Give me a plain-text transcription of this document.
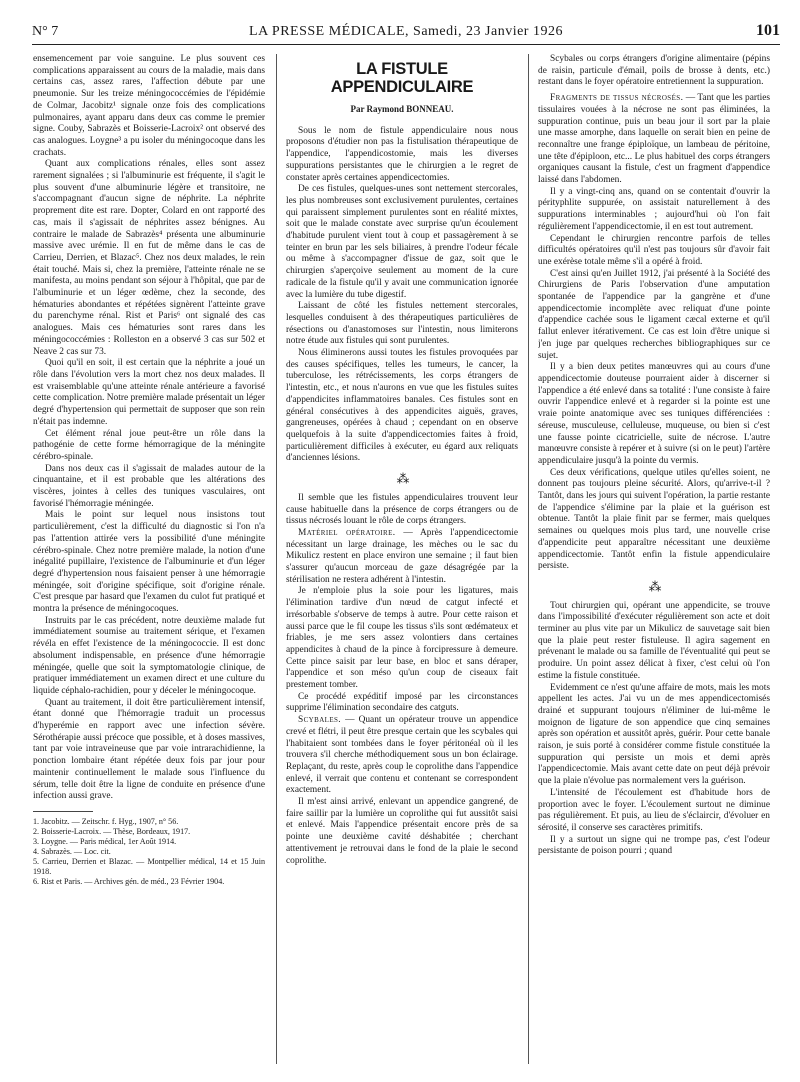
N° 7	LA PRESSE MÉDICALE, Samedi, 23 Janvier 1926	101

ensemencement par voie sanguine. Le plus souvent ces complications apparaissent au cours de la maladie, mais dans certains cas, assez rares, l'affection débute par une pneumonie. Sur les treize méningococcémies de l'épidémie de Colmar, Jacobitz¹ signale onze fois des complications pulmonaires, ayant apparu dans deux cas comme le premier signe. Couby, Sabrazès et Boisserie-Lacroix² ont observé des cas analogues. Loygne³ a pu isoler du méningocoque dans les crachats.

Quant aux complications rénales, elles sont assez rarement signalées ; si l'albuminurie est fréquente, il s'agit le plus souvent d'une albuminurie légère et transitoire, ne s'accompagnant d'aucun signe de néphrite. La néphrite proprement dite est rare. Dopter, Colard en ont rapporté des cas, mais il s'agissait de néphrites assez bénignes. Au contraire le malade de Sabrazès⁴ présenta une albuminurie massive avec urémie. Il en fut de même dans le cas de Carrieu, Derrien, et Blazac⁵. Chez nos deux malades, le rein était touché. Mais si, chez la première, l'atteinte rénale ne se manifesta, au moins pendant son séjour à l'hôpital, que par de l'albuminurie et un léger œdème, chez la seconde, des hématuries abondantes et répétées signèrent l'atteinte grave du parenchyme rénal. Rist et Paris⁶ ont signalé des cas analogues. Mais ces hématuries sont rares dans les méningococcémies : Rolleston en a observé 3 cas sur 502 et Neave 2 cas sur 73.

Quoi qu'il en soit, il est certain que la néphrite a joué un rôle dans l'évolution vers la mort chez nos deux malades. Il est vraisemblable qu'une atteinte rénale antérieure a favorisé cette complication. Notre première malade présentait un léger degré d'hypertension qui permettait de supposer que son rein n'était pas indemne.

Cet élément rénal joue peut-être un rôle dans la pathogénie de cette forme hémorragique de la méningite cérébro-spinale.

Dans nos deux cas il s'agissait de malades autour de la cinquantaine, et il est probable que les altérations des viscères, jointes à celles des tuniques vasculaires, ont favorisé l'hémorragie méningée.

Mais le point sur lequel nous insistons tout particulièrement, c'est la difficulté du diagnostic si l'on n'a pas l'attention attirée vers la possibilité d'une méningite cérébro-spinale. Chez notre première malade, la notion d'une inégalité pupillaire, l'existence de l'albuminurie et d'un léger degré d'hypertension nous faisaient penser à une hémorragie méningée, soit d'origine spécifique, soit d'origine rénale. C'est presque par hasard que l'examen du culot fut pratiqué et montra la présence de méningocoques.

Instruits par le cas précédent, notre deuxième malade fut immédiatement soumise au traitement sérique, et l'examen révéla en effet l'existence de la méningococcie. Il est donc absolument indispensable, en présence d'une hémorragie méningée, quelle que soit la symptomatologie clinique, de pratiquer immédiatement un examen direct et une culture du liquide céphalo-rachidien, pour y déceler le méningocoque.

Quant au traitement, il doit être particulièrement intensif, étant donné que l'hémorragie traduit un processus d'hyperémie en rapport avec une infection sévère. Sérothérapie aussi précoce que possible, et à doses massives, tant par voie intraveineuse que par voie intrarachidienne, la ponction lombaire étant répétée deux fois par jour pour maintenir continuellement le malade sous l'influence du sérum, telle doit être la ligne de conduite en présence d'une infection aussi grave.

1. Jacobitz. — Zeitschr. f. Hyg., 1907, n° 56.

2. Boisserie-Lacroix. — Thèse, Bordeaux, 1917.

3. Loygne. — Paris médical, 1er Août 1914.

4. Sabrazès. — Loc. cit.

5. Carrieu, Derrien et Blazac. — Montpellier médical, 14 et 15 Juin 1918.

6. Rist et Paris. — Archives gén. de méd., 23 Février 1904.

LA FISTULE APPENDICULAIRE
Par Raymond BONNEAU.

Sous le nom de fistule appendiculaire nous nous proposons d'étudier non pas la fistulisation thérapeutique de l'appendice, l'appendicostomie, mais les diverses suppurations persistantes que le chirurgien a le regret de constater après certaines appendicectomies.

De ces fistules, quelques-unes sont nettement stercorales, les plus nombreuses sont exclusivement purulentes, certaines qui paraissent simplement purulentes sont en réalité mixtes, soit que le malade constate avec surprise qu'un écoulement d'habitude purulent vient tout à coup et passagèrement à se teinter en brun par les sels biliaires, à prendre l'odeur fécale ou même à s'accompagner d'issue de gaz, soit que le chirurgien s'aperçoive seulement au moment de la cure radicale de la fistule qu'il y avait une communication ignorée avec la lumière du tube digestif.

Laissant de côté les fistules nettement stercorales, lesquelles conduisent à des thérapeutiques particulières de résections ou d'anastomoses sur l'intestin, nous limiterons notre étude aux fistules qui sont purulentes.

Nous éliminerons aussi toutes les fistules provoquées par des causes spécifiques, telles les tumeurs, le cancer, la tuberculose, les rétrécissements, les corps étrangers de l'intestin, etc., et nous n'aurons en vue que les fistules suites d'appendicites inflammatoires banales. Ces fistules sont en général consécutives à des appendicites aiguës, graves, gangreneuses, opérées à chaud ; cependant on en observe quelquefois à la suite d'appendicectomies faites à froid, particulièrement difficiles à exécuter, eu égard aux reliquats d'anciennes lésions.

⁂

Il semble que les fistules appendiculaires trouvent leur cause habituelle dans la présence de corps étrangers ou de tissus nécrosés louant le rôle de corps étrangers.

Matériel opératoire. — Après l'appendicectomie nécessitant un large drainage, les mèches ou le sac du Mikulicz restent en place environ une semaine ; il faut bien s'assurer qu'aucun morceau de gaze désagrégée par la stérilisation ne restera adhérent à l'intestin.

Je n'emploie plus la soie pour les ligatures, mais l'élimination tardive d'un nœud de catgut infecté et irrésorbable s'observe de temps à autre. Pour cette raison et aussi parce que le fil coupe les tissus s'ils sont œdémateux et friables, je me sers assez volontiers dans certaines appendicites à chaud de la pince à forcipressure à demeure. Cette pince saisit par leur base, en bloc et sans déraper, l'appendice et son méso qu'un coup de ciseaux fait prestement tomber.

Ce procédé expéditif imposé par les circonstances supprime l'élimination secondaire des catguts.

Scybales. — Quant un opérateur trouve un appendice crevé et flétri, il peut être presque certain que les scybales qui l'habitaient sont tombées dans le foyer péritonéal où il les trouvera s'il cherche méthodiquement sous un bon éclairage. Replaçant, du reste, après coup le coprolithe dans l'appendice enlevé, il verrait que contenu et contenant se correspondent exactement.

Il m'est ainsi arrivé, enlevant un appendice gangrené, de faire saillir par la lumière un coprolithe qui fut aussitôt saisi et enlevé. Mais l'appendice présentait encore près de sa pointe une deuxième cavité déshabitée ; cherchant attentivement je retrouvai dans le fond de la plaie le second coprolithe.

Scybales ou corps étrangers d'origine alimentaire (pépins de raisin, particule d'émail, poils de brosse à dents, etc.) restant dans le foyer opératoire entretiennent la suppuration.

Fragments de tissus nécrosés. — Tant que les parties tissulaires vouées à la nécrose ne sont pas éliminées, la suppuration continue, puis un beau jour il sort par la plaie une masse amorphe, dans laquelle on serait bien en peine de reconnaître une frange épiploïque, un lambeau de péritoine, une tête d'épiploon, etc... Le plus habituel des corps étrangers organiques causant la fistule, c'est un fragment d'appendice laissé dans l'abdomen.

Il y a vingt-cinq ans, quand on se contentait d'ouvrir la pérityphlite suppurée, on assistait naturellement à des suppurations interminables ; aujourd'hui où l'on fait régulièrement l'appendicectomie, il en est tout autrement.

Cependant le chirurgien rencontre parfois de telles difficultés opératoires qu'il n'est pas toujours sûr d'avoir fait une exérèse totale même s'il a opéré à froid.

C'est ainsi qu'en Juillet 1912, j'ai présenté à la Société des Chirurgiens de Paris l'observation d'une amputation spontanée de l'appendice par la gangrène et d'une appendicectomie incomplète avec reliquat d'une pointe d'appendice cachée sous le ligament cæcal externe et qu'il fallut enlever itérativement. Ce cas est loin d'être unique si j'en juge par quelques recherches bibliographiques sur ce sujet.

Il y a bien deux petites manœuvres qui au cours d'une appendicectomie douteuse pourraient aider à discerner si l'appendice a été enlevé dans sa totalité : l'une consiste à faire ouvrir l'appendice enlevé et à regarder si la pointe est une vraie pointe anatomique avec ses tuniques différenciées : séreuse, musculeuse, celluleuse, muqueuse, ou bien si c'est une fausse pointe cicatricielle, suite de nécrose. L'autre manœuvre consiste à repérer et à suivre (si on le peut) l'artère appendiculaire jusqu'à la pointe du vermis.

Ces deux vérifications, quelque utiles qu'elles soient, ne donnent pas toujours pleine sécurité. Alors, qu'arrive-t-il ? Tantôt, dans les jours qui suivent l'opération, la partie restante de l'appendice s'élimine par la plaie et la guérison est obtenue. Tantôt la plaie finit par se fermer, mais quelques semaines ou quelques mois plus tard, une nouvelle crise d'appendicite peut apparaître nécessitant une deuxième appendicectomie. Tantôt enfin la fistule appendiculaire persiste.

⁂

Tout chirurgien qui, opérant une appendicite, se trouve dans l'impossibilité d'exécuter régulièrement son acte et doit terminer au plus vite par un Mikulicz de sauvetage sait bien que la plaie peut rester fistuleuse. Il agira sagement en prévenant le malade ou sa famille de l'éventualité qui peut se produire. Un point assez délicat à fixer, c'est celui où l'on estime la fistule constituée.

Evidemment ce n'est qu'une affaire de mots, mais les mots appellent les actes. J'ai vu un de mes appendicectomisés drainé et suppurant toujours n'éliminer de lui-même le moignon de ligature de son appendice que cinq semaines après son opération et aussitôt après, guérir. Pour cette banale raison, je suis porté à considérer comme fistule constituée la suppuration qui persiste un mois et demi après l'appendicectomie. Mais avant cette date on peut déjà prévoir que la plaie n'évolue pas normalement vers la guérison.

L'intensité de l'écoulement est d'habitude hors de proportion avec le foyer. L'écoulement surtout ne diminue pas régulièrement. Et puis, au lieu de s'éclaircir, d'évoluer en sérosité, il conserve ses caractères primitifs.

Il y a surtout un signe qui ne trompe pas, c'est l'odeur persistante de poison pourri ; quand
